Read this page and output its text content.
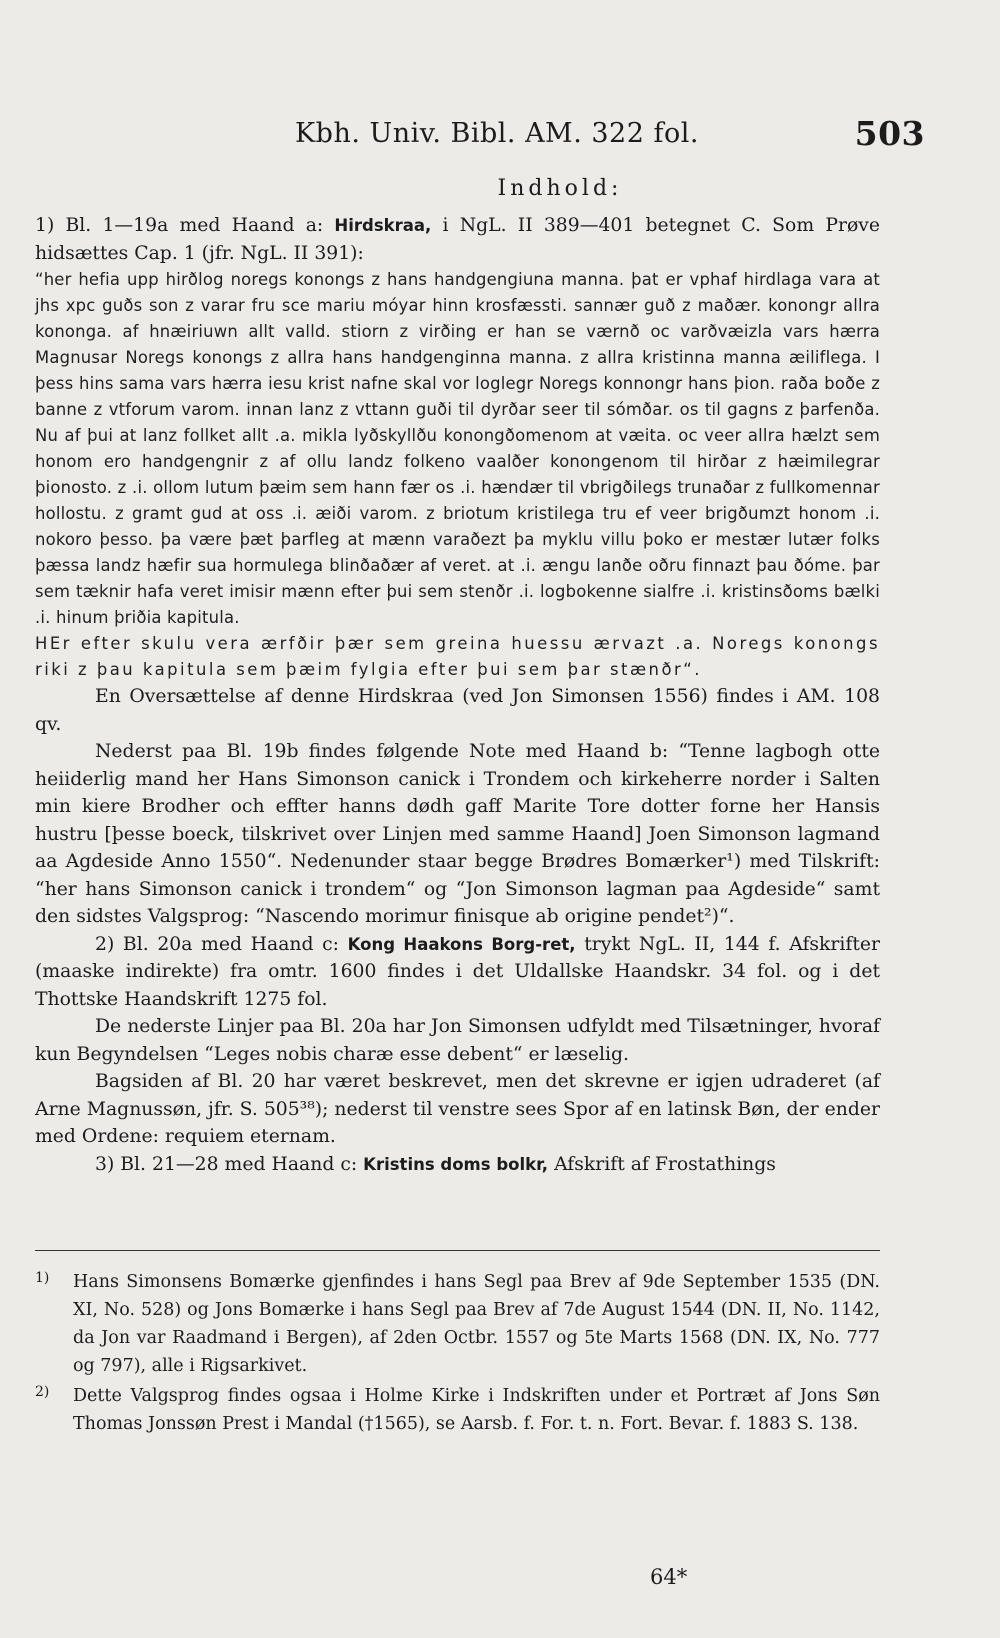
Kbh. Univ. Bibl. AM. 322 fol.	503
Indhold:

1) Bl. 1—19a med Haand a: Hirdskraa, i NgL. II 389—401 betegnet C. Som Prøve hidsættes Cap. 1 (jfr. NgL. II 391):

“her hefia upp hirðlog noregs konongs z hans handgengiuna manna. þat er vphaf hirdlaga vara at jhs xpc guðs son z varar fru sce mariu móyar hinn krosfæssti. sannær guð z maðær. konongr allra kononga. af hnæiriuwn allt valld. stiorn z virðing er han se værnð oc varðvæizla vars hærra Magnusar Noregs konongs z allra hans handgenginna manna. z allra kristinna manna æiliflega. I þess hins sama vars hærra iesu krist nafne skal vor loglegr Noregs konnongr hans þion. raða boðe z banne z vtforum varom. innan lanz z vttann guði til dyrðar seer til sómðar. os til gagns z þarfenða. Nu af þui at lanz follket allt .a. mikla lyðskyllðu konongðomenom at væita. oc veer allra hælzt sem honom ero handgengnir z af ollu landz folkeno vaalðer konongenom til hirðar z hæimilegrar þionosto. z .i. ollom lutum þæim sem hann fær os .i. hændær til vbrigðilegs trunaðar z fullkomennar hollostu. z gramt gud at oss .i. æiði varom. z briotum kristilega tru ef veer brigðumzt honom .i. nokoro þesso. þa være þæt þarfleg at mænn varaðezt þa myklu villu þoko er mestær lutær folks þæssa landz hæfir sua hormulega blinðaðær af veret. at .i. ængu lanðe oðru finnazt þau ðóme. þar sem tæknir hafa veret imisir mænn efter þui sem stenðr .i. logbokenne sialfre .i. kristinsðoms bælki .i. hinum þriðia kapitula.

HEr efter skulu vera ærfðir þær sem greina huessu ærvazt .a. Noregs konongs riki z þau kapitula sem þæim fylgia efter þui sem þar stænðr“.

En Oversættelse af denne Hirdskraa (ved Jon Simonsen 1556) findes i AM. 108 qv.

Nederst paa Bl. 19b findes følgende Note med Haand b: “Tenne lagbogh otte heiiderlig mand her Hans Simonson canick i Trondem och kirkeherre norder i Salten min kiere Brodher och effter hanns dødh gaff Marite Tore dotter forne her Hansis hustru [þesse boeck, tilskrivet over Linjen med samme Haand] Joen Simonson lagmand aa Agdeside Anno 1550“. Nedenunder staar begge Brødres Bomærker¹) med Tilskrift: “her hans Simonson canick i trondem“ og “Jon Simonson lagman paa Agdeside“ samt den sidstes Valgsprog: “Nascendo morimur finisque ab origine pendet²)“.

2) Bl. 20a med Haand c: Kong Haakons Borg-ret, trykt NgL. II, 144 f. Afskrifter (maaske indirekte) fra omtr. 1600 findes i det Uldallske Haandskr. 34 fol. og i det Thottske Haandskrift 1275 fol.

De nederste Linjer paa Bl. 20a har Jon Simonsen udfyldt med Tilsætninger, hvoraf kun Begyndelsen “Leges nobis charæ esse debent“ er læselig.

Bagsiden af Bl. 20 har været beskrevet, men det skrevne er igjen udraderet (af Arne Magnussøn, jfr. S. 505³⁸); nederst til venstre sees Spor af en latinsk Bøn, der ender med Ordene: requiem eternam.

3) Bl. 21—28 med Haand c: Kristins doms bolkr, Afskrift af Frostathings

1)	Hans Simonsens Bomærke gjenfindes i hans Segl paa Brev af 9de September 1535 (DN. XI, No. 528) og Jons Bomærke i hans Segl paa Brev af 7de August 1544 (DN. II, No. 1142, da Jon var Raadmand i Bergen), af 2den Octbr. 1557 og 5te Marts 1568 (DN. IX, No. 777 og 797), alle i Rigsarkivet.
2)	Dette Valgsprog findes ogsaa i Holme Kirke i Indskriften under et Portræt af Jons Søn Thomas Jonssøn Prest i Mandal (†1565), se Aarsb. f. For. t. n. Fort. Bevar. f. 1883 S. 138.
64*
